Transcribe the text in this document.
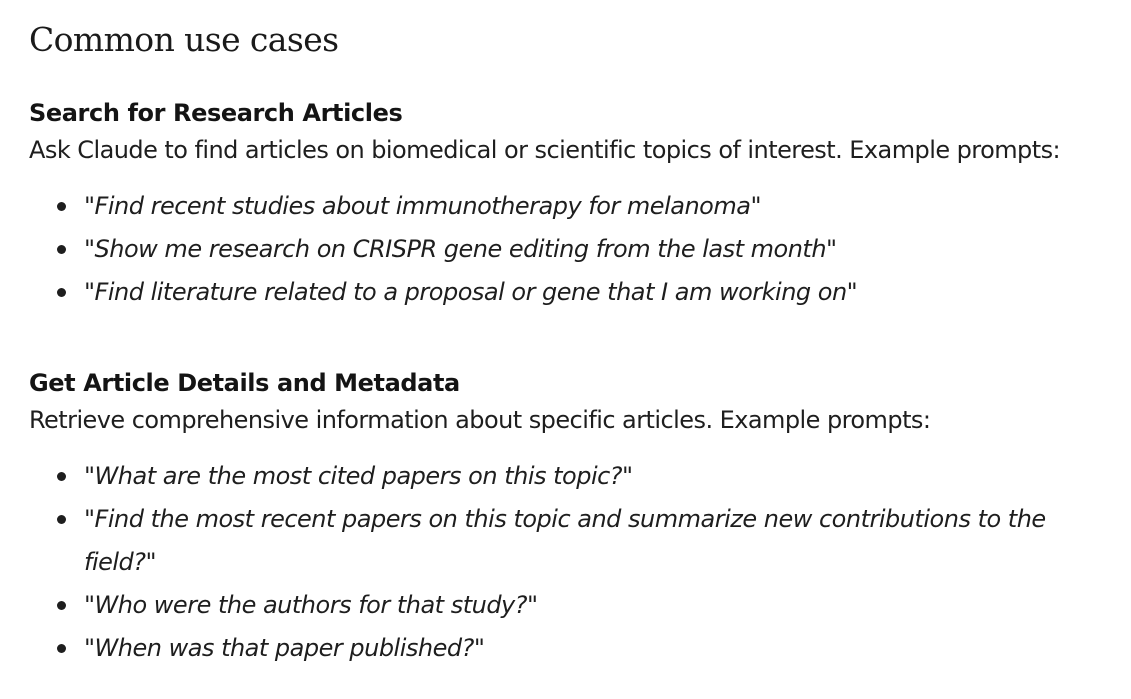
Common use cases
Search for Research Articles

Ask Claude to find articles on biomedical or scientific topics of interest. Example prompts:

"Find recent studies about immunotherapy for melanoma"
"Show me research on CRISPR gene editing from the last month"
"Find literature related to a proposal or gene that I am working on"
Get Article Details and Metadata

Retrieve comprehensive information about specific articles. Example prompts:

"What are the most cited papers on this topic?"
"Find the most recent papers on this topic and summarize new contributions to the field?"
"Who were the authors for that study?"
"When was that paper published?"
